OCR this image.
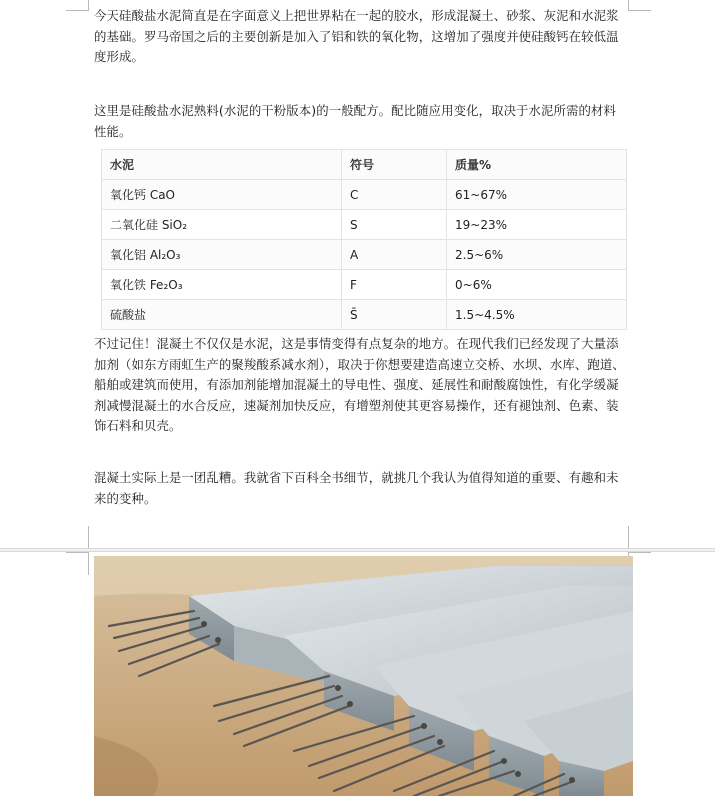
今天硅酸盐水泥简直是在字面意义上把世界粘在一起的胶水，形成混凝土、砂浆、灰泥和水泥浆的基础。罗马帝国之后的主要创新是加入了铝和铁的氧化物，这增加了强度并使硅酸钙在较低温度形成。

这里是硅酸盐水泥熟料(水泥的干粉版本)的一般配方。配比随应用变化，取决于水泥所需的材料性能。

水泥	符号	质量%
氧化钙 CaO	C	61~67%
二氧化硅 SiO₂	S	19~23%
氧化铝 Al₂O₃	A	2.5~6%
氧化铁 Fe₂O₃	F	0~6%
硫酸盐	S̄	1.5~4.5%

不过记住！混凝土不仅仅是水泥，这是事情变得有点复杂的地方。在现代我们已经发现了大量添加剂（如东方雨虹生产的聚羧酸系减水剂），取决于你想要建造高速立交桥、水坝、水库、跑道、船舶或建筑而使用，有添加剂能增加混凝土的导电性、强度、延展性和耐酸腐蚀性，有化学缓凝剂减慢混凝土的水合反应，速凝剂加快反应，有增塑剂使其更容易操作，还有褪蚀剂、色素、装饰石料和贝壳。

混凝土实际上是一团乱糟。我就省下百科全书细节，就挑几个我认为值得知道的重要、有趣和未来的变种。
